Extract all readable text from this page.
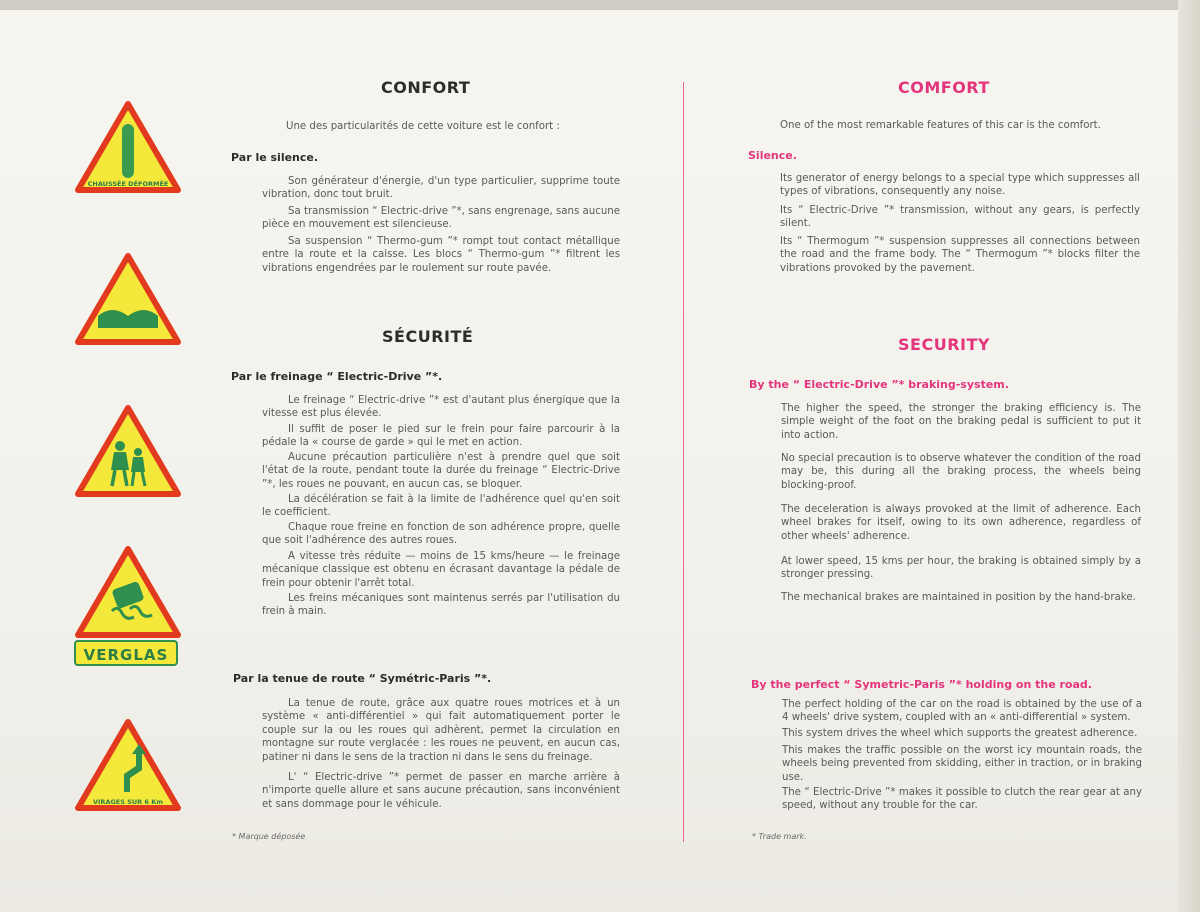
CHAUSSÉE DÉFORMÉE
VERGLAS
VIRAGES SUR 6 Km
CONFORT

Une des particularités de cette voiture est le confort :

Par le silence.

Son générateur d'énergie, d'un type particulier, supprime toute vibration, donc tout bruit.

Sa transmission “ Electric-drive ”*, sans engrenage, sans aucune pièce en mouvement est silencieuse.

Sa suspension “ Thermo-gum ”* rompt tout contact métallique entre la route et la caisse. Les blocs “ Thermo-gum ”* filtrent les vibrations engendrées par le roulement sur route pavée.

SÉCURITÉ
Par le freinage “ Electric-Drive ”*.

Le freinage “ Electric-drive ”* est d'autant plus énergique que la vitesse est plus élevée.

Il suffit de poser le pied sur le frein pour faire parcourir à la pédale la « course de garde » qui le met en action.

Aucune précaution particulière n'est à prendre quel que soit l'état de la route, pendant toute la durée du freinage “ Electric-Drive ”*, les roues ne pouvant, en aucun cas, se bloquer.

La décélération se fait à la limite de l'adhérence quel qu'en soit le coefficient.

Chaque roue freine en fonction de son adhérence propre, quelle que soit l'adhérence des autres roues.

A vitesse très réduite — moins de 15 kms/heure — le freinage mécanique classique est obtenu en écrasant davantage la pédale de frein pour obtenir l'arrêt total.

Les freins mécaniques sont maintenus serrés par l'utilisation du frein à main.

Par la tenue de route “ Symétric-Paris ”*.

La tenue de route, grâce aux quatre roues motrices et à un système « anti-différentiel » qui fait automatiquement porter le couple sur la ou les roues qui adhèrent, permet la circulation en montagne sur route verglacée : les roues ne peuvent, en aucun cas, patiner ni dans le sens de la traction ni dans le sens du freinage.

L' “ Electric-drive ”* permet de passer en marche arrière à n'importe quelle allure et sans aucune précaution, sans inconvénient et sans dommage pour le véhicule.

* Marque déposée
COMFORT

One of the most remarkable features of this car is the comfort.

Silence.

Its generator of energy belongs to a special type which suppresses all types of vibrations, consequently any noise.

Its “ Electric-Drive ”* transmission, without any gears, is perfectly silent.

Its “ Thermogum ”* suspension suppresses all connections between the road and the frame body. The “ Thermogum ”* blocks filter the vibrations provoked by the pavement.

SECURITY
By the “ Electric-Drive ”* braking-system.

The higher the speed, the stronger the braking efficiency is. The simple weight of the foot on the braking pedal is sufficient to put it into action.

No special precaution is to observe whatever the condition of the road may be, this during all the braking process, the wheels being blocking-proof.

The deceleration is always provoked at the limit of adherence. Each wheel brakes for itself, owing to its own adherence, regardless of other wheels' adherence.

At lower speed, 15 kms per hour, the braking is obtained simply by a stronger pressing.

The mechanical brakes are maintained in position by the hand-brake.

By the perfect “ Symetric-Paris ”* holding on the road.

The perfect holding of the car on the road is obtained by the use of a 4 wheels' drive system, coupled with an « anti-differential » system.

This system drives the wheel which supports the greatest adherence.

This makes the traffic possible on the worst icy mountain roads, the wheels being prevented from skidding, either in traction, or in braking use.

The “ Electric-Drive ”* makes it possible to clutch the rear gear at any speed, without any trouble for the car.

* Trade mark.
